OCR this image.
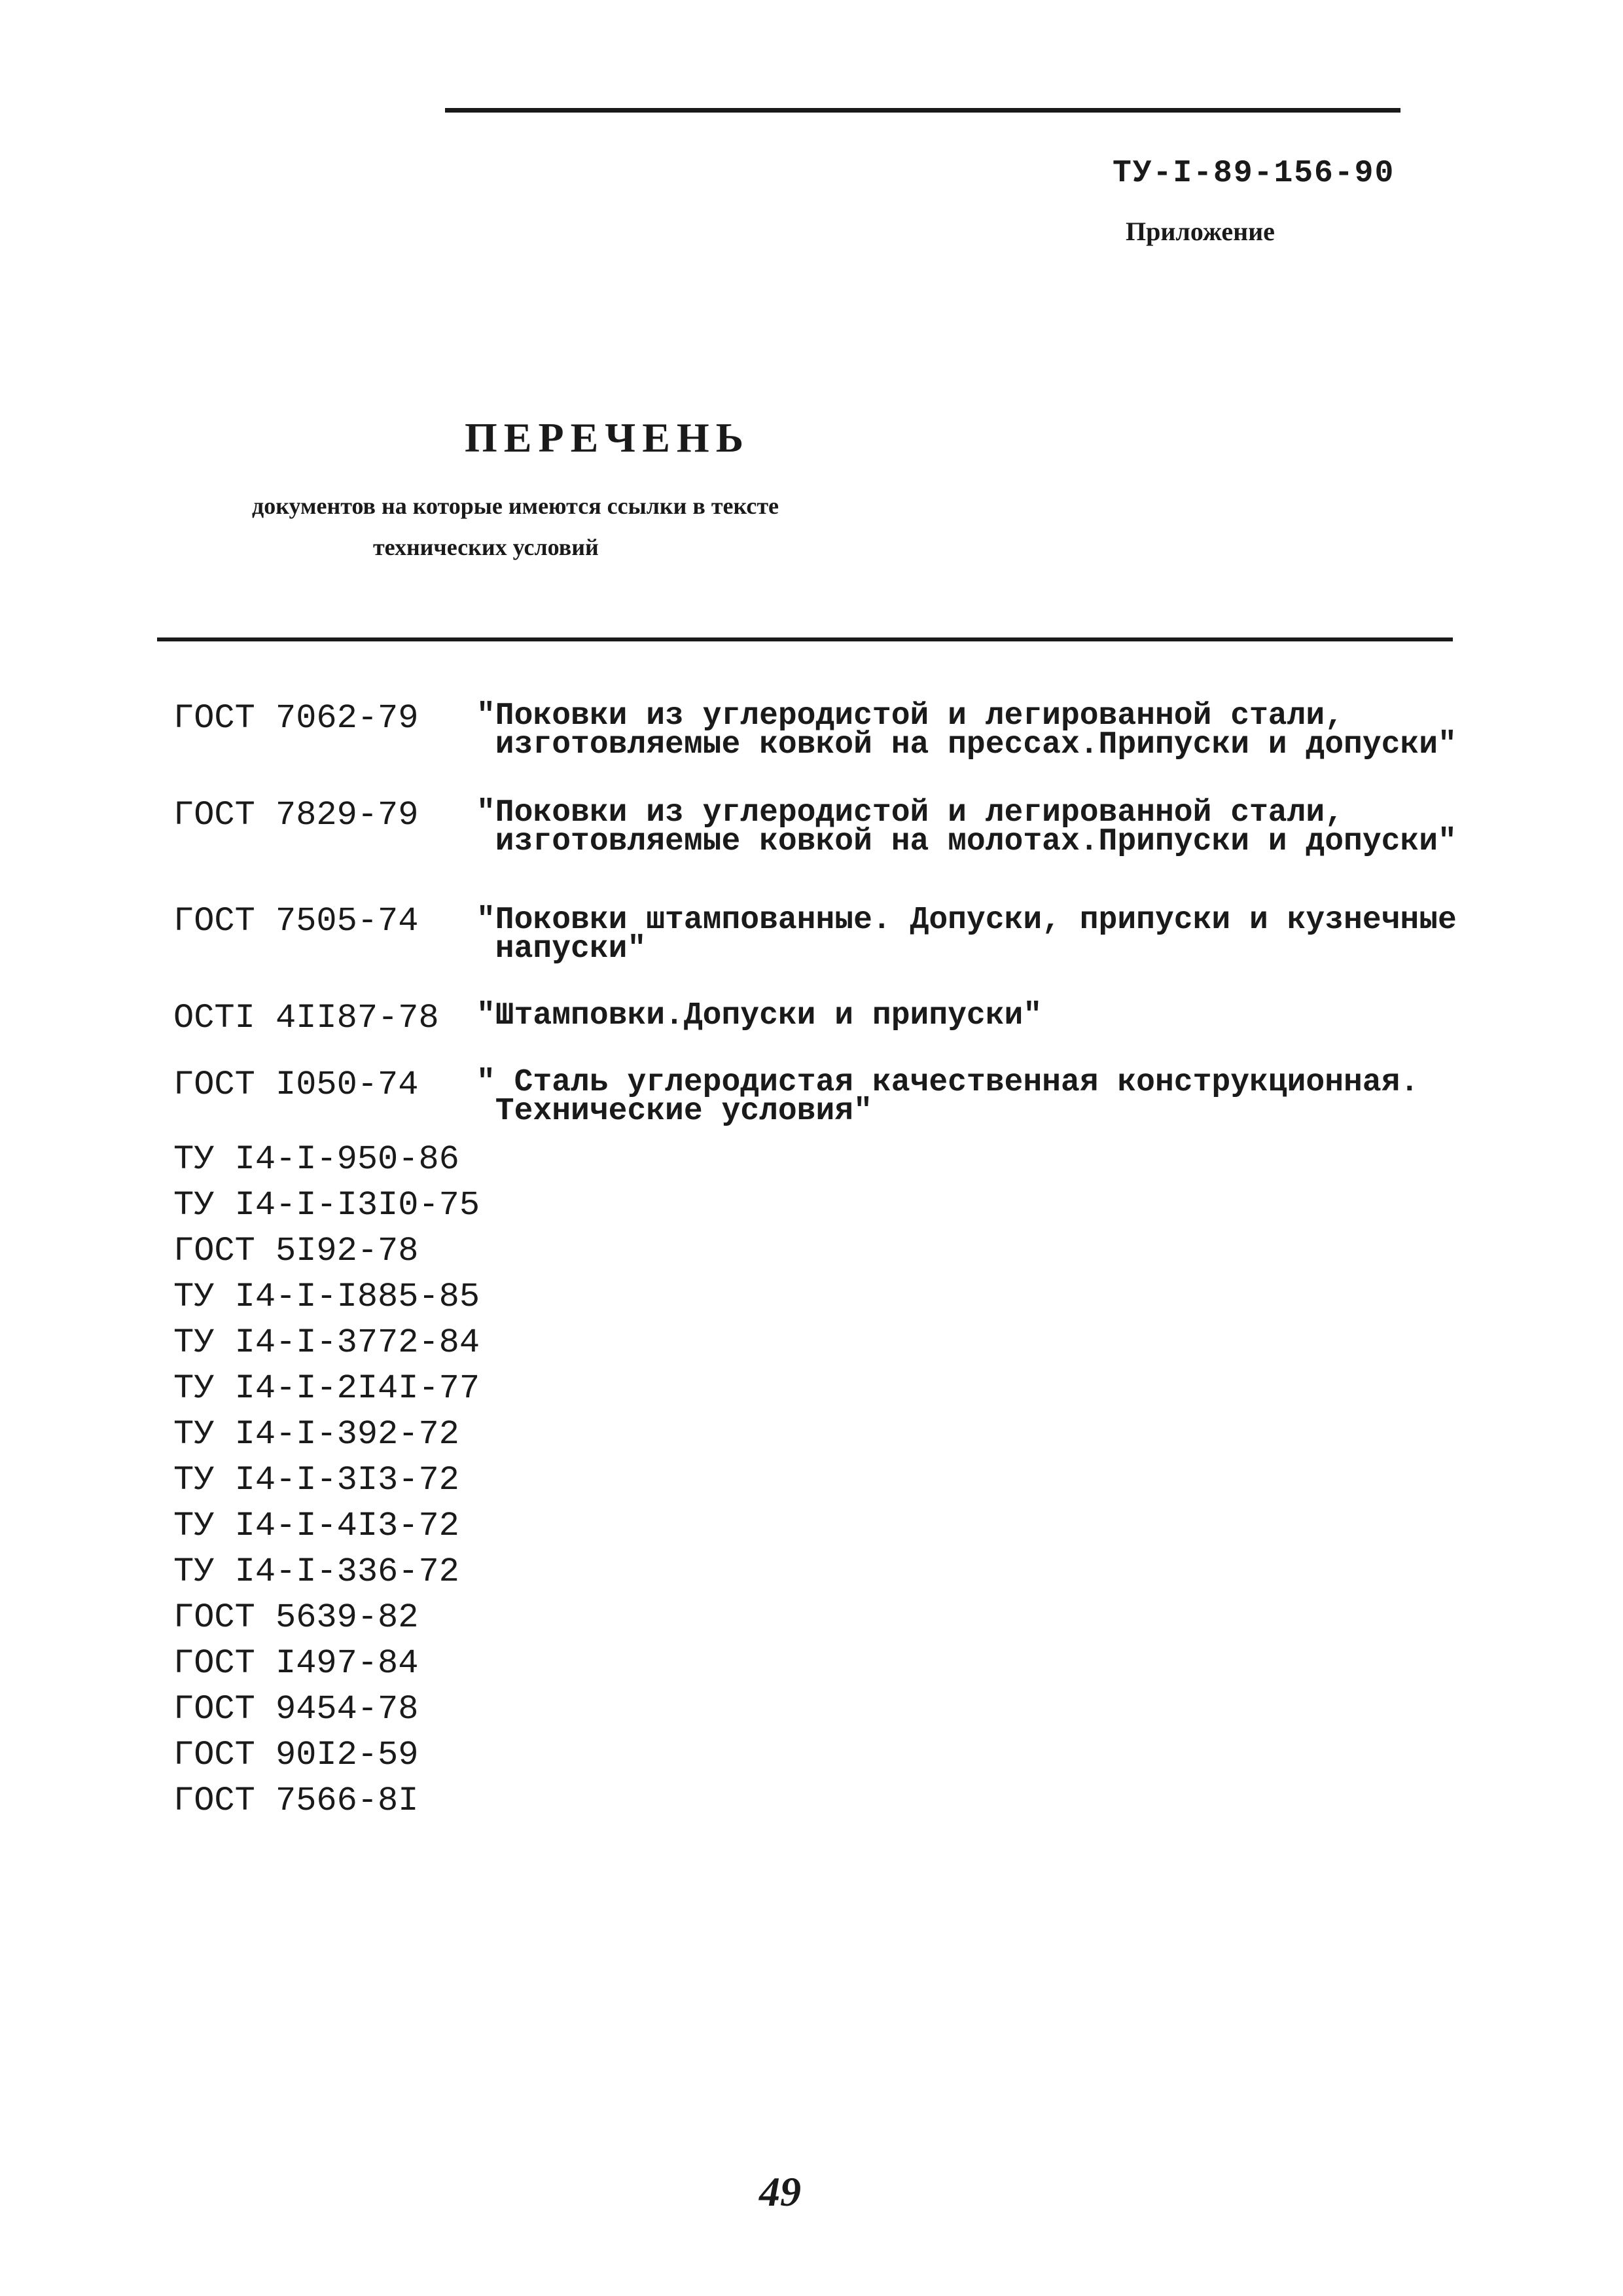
ТУ-I-89-156-90
Приложение
ПЕРЕЧЕНЬ
документов на которые имеются ссылки в тексте
технических условий
ГОСТ 7062-79 "Поковки из углеродистой и легированной стали,
изготовляемые ковкой на прессах.Припуски и допуски"
ГОСТ 7829-79 "Поковки из углеродистой и легированной стали,
изготовляемые ковкой на молотах.Припуски и допуски"
ГОСТ 7505-74 "Поковки штампованные. Допуски, припуски и кузнечные
напуски"
ОСТI 4II87-78 "Штамповки.Допуски и припуски"
ГОСТ I050-74 " Сталь углеродистая качественная конструкционная.
Технические условия"
ТУ I4-I-950-86
ТУ I4-I-I3I0-75
ГОСТ 5I92-78
ТУ I4-I-I885-85
ТУ I4-I-3772-84
ТУ I4-I-2I4I-77
ТУ I4-I-392-72
ТУ I4-I-3I3-72
ТУ I4-I-4I3-72
ТУ I4-I-336-72
ГОСТ 5639-82
ГОСТ I497-84
ГОСТ 9454-78
ГОСТ 90I2-59
ГОСТ 7566-8I
49
